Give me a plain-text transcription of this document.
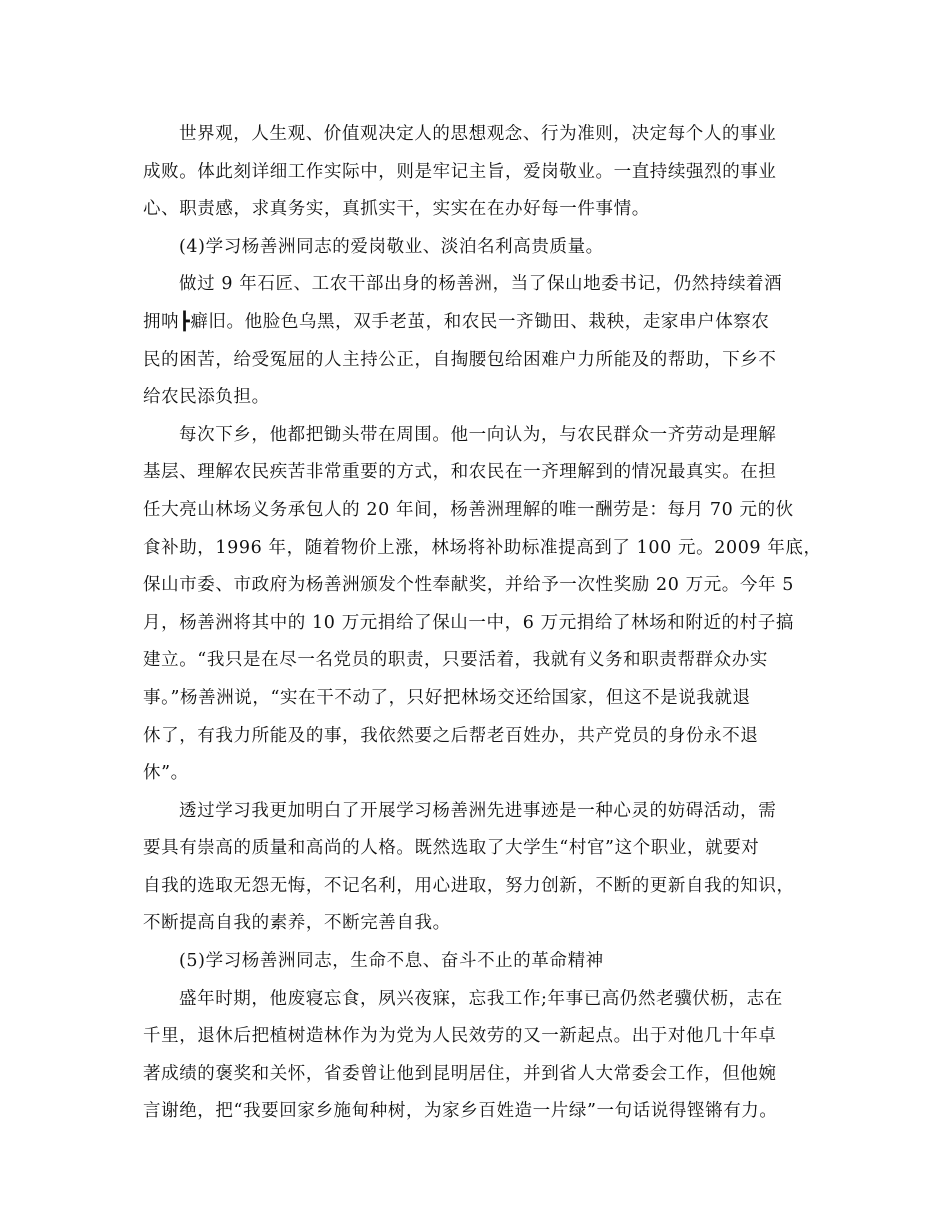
世界观，人生观、价值观决定人的思想观念、行为准则，决定每个人的事业
成败。体此刻详细工作实际中，则是牢记主旨，爱岗敬业。一直持续强烈的事业
心、职责感，求真务实，真抓实干，实实在在办好每一件事情。

(4)学习杨善洲同志的爱岗敬业、淡泊名利高贵质量。

做过 9 年石匠、工农干部出身的杨善洲，当了保山地委书记，仍然持续着酒
拥呐┣癖旧。他脸色乌黑，双手老茧，和农民一齐锄田、栽秧，走家串户体察农
民的困苦，给受冤屈的人主持公正，自掏腰包给困难户力所能及的帮助，下乡不
给农民添负担。

每次下乡，他都把锄头带在周围。他一向认为，与农民群众一齐劳动是理解
基层、理解农民疾苦非常重要的方式，和农民在一齐理解到的情况最真实。在担
任大亮山林场义务承包人的 20 年间，杨善洲理解的唯一酬劳是：每月 70 元的伙
食补助，1996 年，随着物价上涨，林场将补助标准提高到了 100 元。2009 年底，
保山市委、市政府为杨善洲颁发个性奉献奖，并给予一次性奖励 20 万元。今年 5
月，杨善洲将其中的 10 万元捐给了保山一中，6 万元捐给了林场和附近的村子搞
建立。“我只是在尽一名党员的职责，只要活着，我就有义务和职责帮群众办实
事。”杨善洲说，“实在干不动了，只好把林场交还给国家，但这不是说我就退
休了，有我力所能及的事，我依然要之后帮老百姓办，共产党员的身份永不退
休”。

透过学习我更加明白了开展学习杨善洲先进事迹是一种心灵的妨碍活动，需
要具有崇高的质量和高尚的人格。既然选取了大学生“村官”这个职业，就要对
自我的选取无怨无悔，不记名利，用心进取，努力创新，不断的更新自我的知识，
不断提高自我的素养，不断完善自我。

(5)学习杨善洲同志，生命不息、奋斗不止的革命精神

盛年时期，他废寝忘食，夙兴夜寐，忘我工作;年事已高仍然老骥伏枥，志在
千里，退休后把植树造林作为为党为人民效劳的又一新起点。出于对他几十年卓
著成绩的褒奖和关怀，省委曾让他到昆明居住，并到省人大常委会工作，但他婉
言谢绝，把“我要回家乡施甸种树，为家乡百姓造一片绿”一句话说得铿锵有力。
